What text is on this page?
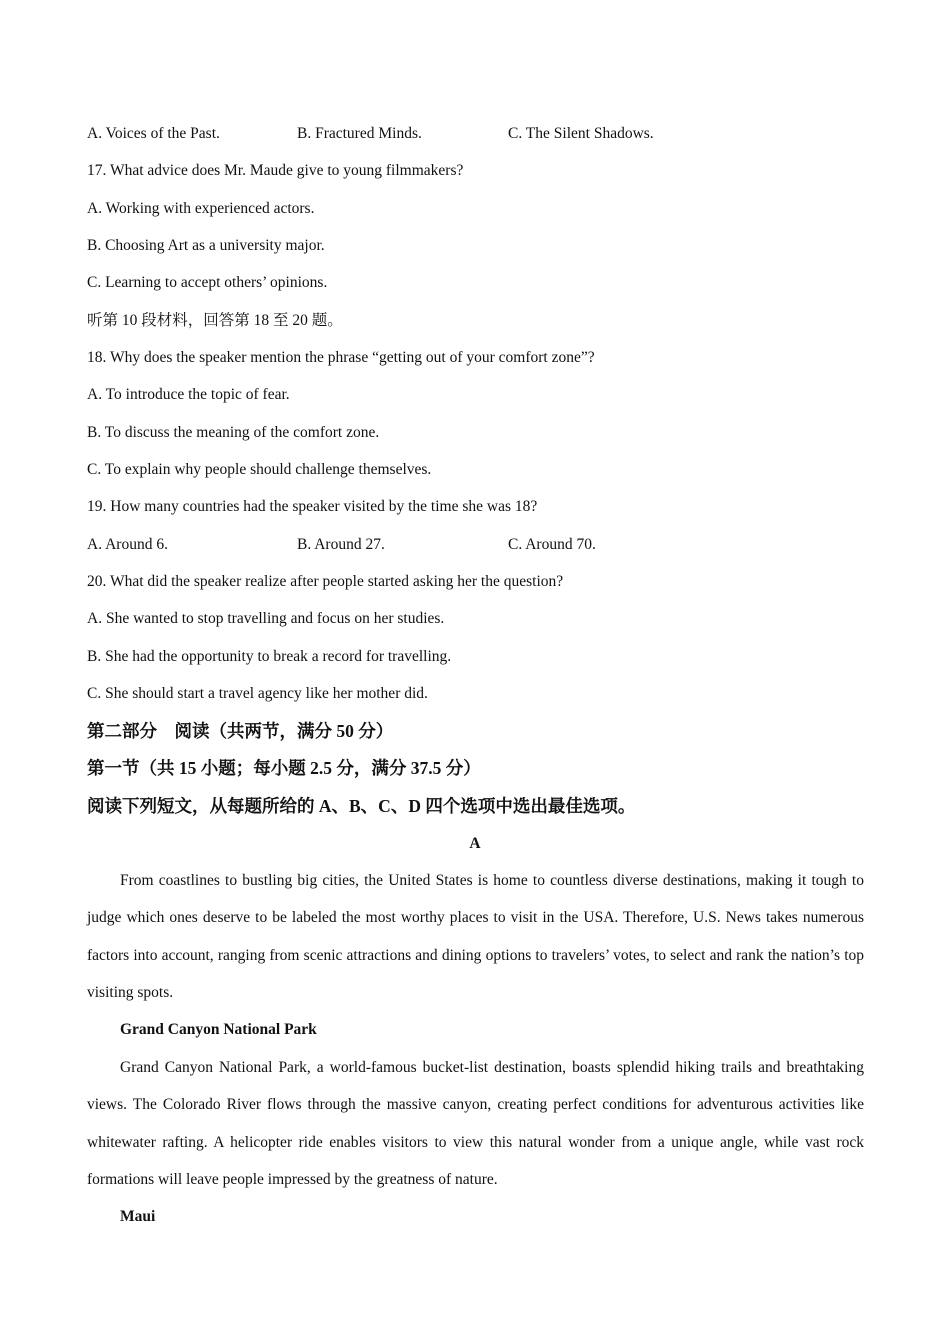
A. Voices of the Past.	B. Fractured Minds.	C. The Silent Shadows.
17. What advice does Mr. Maude give to young filmmakers?
A. Working with experienced actors.
B. Choosing Art as a university major.
C. Learning to accept others’ opinions.
听第 10 段材料，回答第 18 至 20 题。
18. Why does the speaker mention the phrase “getting out of your comfort zone”?
A. To introduce the topic of fear.
B. To discuss the meaning of the comfort zone.
C. To explain why people should challenge themselves.
19. How many countries had the speaker visited by the time she was 18?
A. Around 6.	B. Around 27.	C. Around 70.
20. What did the speaker realize after people started asking her the question?
A. She wanted to stop travelling and focus on her studies.
B. She had the opportunity to break a record for travelling.
C. She should start a travel agency like her mother did.
第二部分　阅读（共两节，满分 50 分）
第一节（共 15 小题；每小题 2.5 分，满分 37.5 分）
阅读下列短文，从每题所给的 A、B、C、D 四个选项中选出最佳选项。
A
From coastlines to bustling big cities, the United States is home to countless diverse destinations, making it tough to judge which ones deserve to be labeled the most worthy places to visit in the USA. Therefore, U.S. News takes numerous factors into account, ranging from scenic attractions and dining options to travelers’ votes, to select and rank the nation’s top visiting spots.
Grand Canyon National Park
Grand Canyon National Park, a world-famous bucket-list destination, boasts splendid hiking trails and breathtaking views. The Colorado River flows through the massive canyon, creating perfect conditions for adventurous activities like whitewater rafting. A helicopter ride enables visitors to view this natural wonder from a unique angle, while vast rock formations will leave people impressed by the greatness of nature.
Maui
